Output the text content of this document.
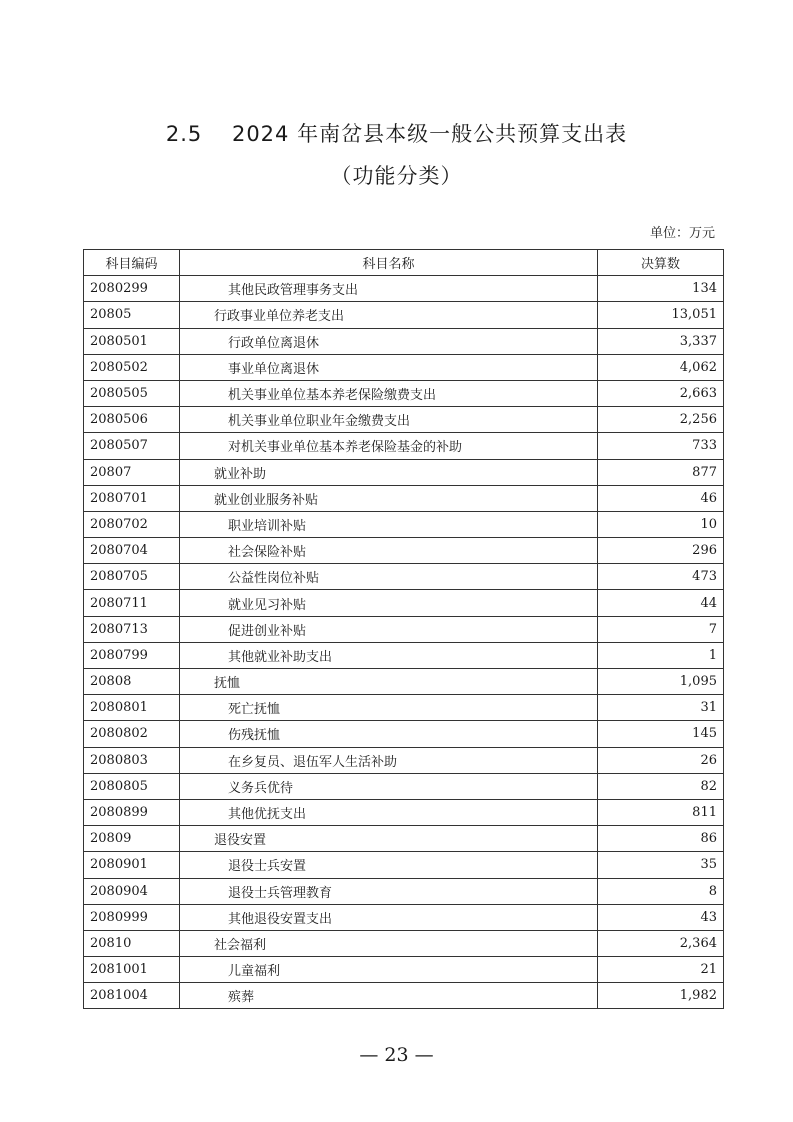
2.5　 2024 年南岔县本级一般公共预算支出表
（功能分类）
单位：万元
科目编码	科目名称	决算数
2080299	其他民政管理事务支出	134
20805	行政事业单位养老支出	13,051
2080501	行政单位离退休	3,337
2080502	事业单位离退休	4,062
2080505	机关事业单位基本养老保险缴费支出	2,663
2080506	机关事业单位职业年金缴费支出	2,256
2080507	对机关事业单位基本养老保险基金的补助	733
20807	就业补助	877
2080701	就业创业服务补贴	46
2080702	职业培训补贴	10
2080704	社会保险补贴	296
2080705	公益性岗位补贴	473
2080711	就业见习补贴	44
2080713	促进创业补贴	7
2080799	其他就业补助支出	1
20808	抚恤	1,095
2080801	死亡抚恤	31
2080802	伤残抚恤	145
2080803	在乡复员、退伍军人生活补助	26
2080805	义务兵优待	82
2080899	其他优抚支出	811
20809	退役安置	86
2080901	退役士兵安置	35
2080904	退役士兵管理教育	8
2080999	其他退役安置支出	43
20810	社会福利	2,364
2081001	儿童福利	21
2081004	殡葬	1,982
— 23 —
